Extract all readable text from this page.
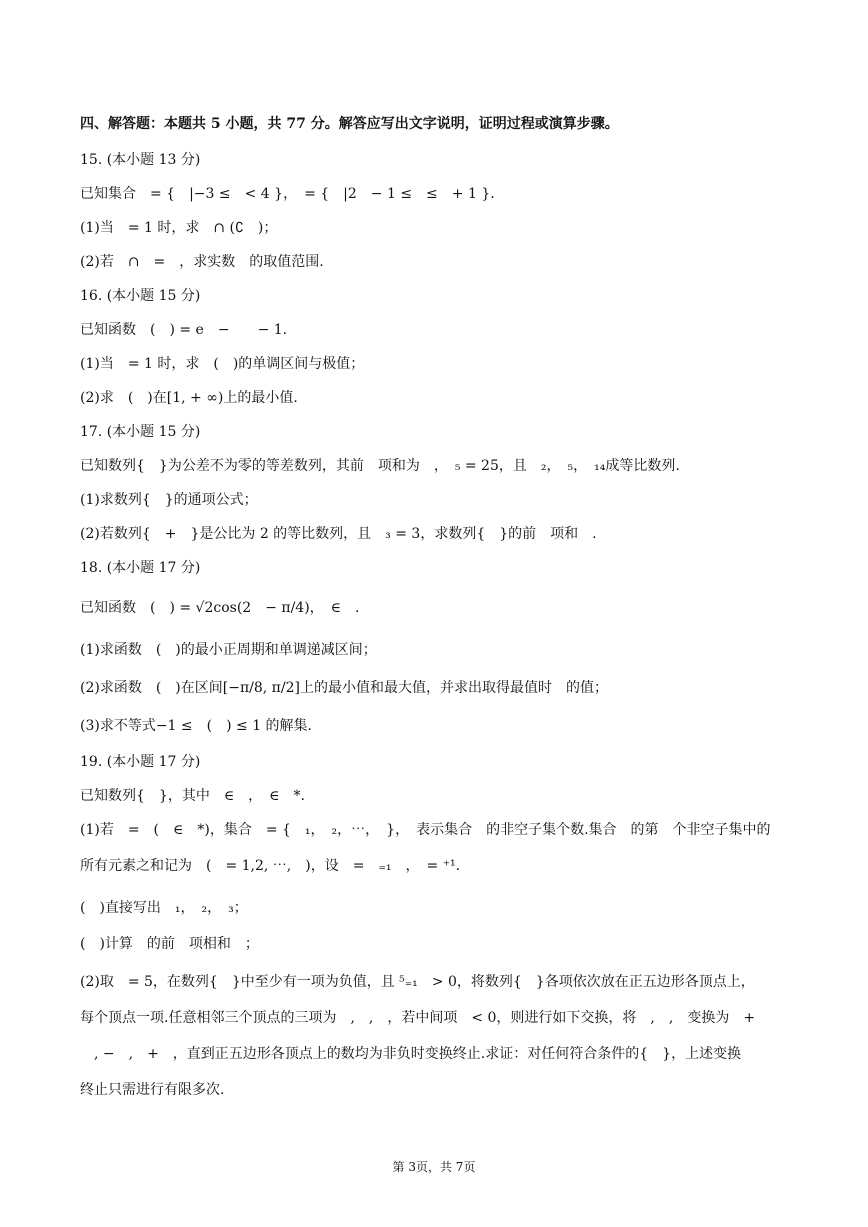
四、解答题：本题共 5 小题，共 77 分。解答应写出文字说明，证明过程或演算步骤。
15. (本小题 13 分)
已知集合　= {　|−3 ≤　< 4 }，　= {　|2　− 1 ≤　≤　+ 1 }.
(1)当　= 1 时，求　∩ (∁　)；
(2)若　∩　=　，求实数　的取值范围.
16. (本小题 15 分)
已知函数　(　) = e　−　　− 1.
(1)当　= 1 时，求　(　)的单调区间与极值；
(2)求　(　)在[1, + ∞)上的最小值.
17. (本小题 15 分)
已知数列{　}为公差不为零的等差数列，其前　项和为　，　₅ = 25，且　₂，　₅，　₁₄成等比数列.
(1)求数列{　}的通项公式；
(2)若数列{　+　}是公比为 2 的等比数列，且　₃ = 3，求数列{　}的前　项和　.
18. (本小题 17 分)
已知函数　(　) = √2cos(2　− π/4)，　∈　.
(1)求函数　(　)的最小正周期和单调递减区间；
(2)求函数　(　)在区间[−π/8, π/2]上的最小值和最大值，并求出取得最值时　的值；
(3)求不等式−1 ≤　(　) ≤ 1 的解集.
19. (本小题 17 分)
已知数列{　}，其中　∈　，　∈　*.
(1)若　=　(　∈　*)，集合　= {　₁，　₂，⋯，　}，　表示集合　的非空子集个数.集合　的第　个非空子集中的
所有元素之和记为　(　= 1,2, ⋯,　)，设　=　₌₁　，　= ⁺¹.
(　)直接写出　₁，　₂，　₃；
(　)计算　的前　项相和　；
(2)取　= 5，在数列{　}中至少有一项为负值，且 ⁵₌₁　> 0，将数列{　}各项依次放在正五边形各顶点上，
每个顶点一项.任意相邻三个顶点的三项为　,　,　，若中间项　< 0，则进行如下交换，将　,　,　变换为　+
　, −　,　+　，直到正五边形各顶点上的数均为非负时变换终止.求证：对任何符合条件的{　}，上述变换
终止只需进行有限多次.
第 3页，共 7页
